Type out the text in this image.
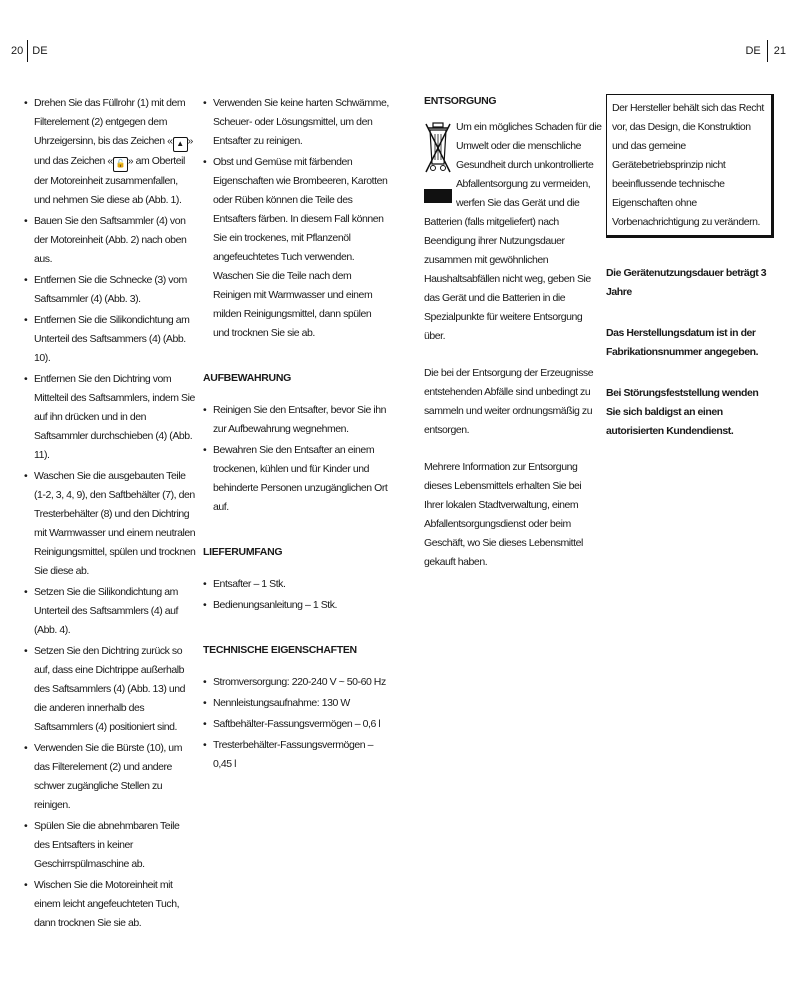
20 DE	DE 21
• Drehen Sie das Füllrohr (1) mit dem Filterelement (2) entgegen dem Uhrzeigersinn, bis das Zeichen « ▲ » und das Zeichen « 🔓 » am Oberteil der Motoreinheit zusammenfallen, und nehmen Sie diese ab (Abb. 1).
• Bauen Sie den Saftsammler (4) von der Motoreinheit (Abb. 2) nach oben aus.
• Entfernen Sie die Schnecke (3) vom Saftsammler (4) (Abb. 3).
• Entfernen Sie die Silikondichtung am Unterteil des Saftsammers (4) (Abb. 10).
• Entfernen Sie den Dichtring vom Mittelteil des Saftsammlers, indem Sie auf ihn drücken und in den Saftsammler durchschieben (4) (Abb. 11).
• Waschen Sie die ausgebauten Teile (1-2, 3, 4, 9), den Saftbehälter (7), den Tresterbehälter (8) und den Dichtring mit Warmwasser und einem neutralen Reinigungsmittel, spülen und trocknen Sie diese ab.
• Setzen Sie die Silikondichtung am Unterteil des Saftsammlers (4) auf (Abb. 4).
• Setzen Sie den Dichtring zurück so auf, dass eine Dichtrippe außerhalb des Saftsammlers (4) (Abb. 13) und die anderen innerhalb des Saftsammlers (4) positioniert sind.
• Verwenden Sie die Bürste (10), um das Filterelement (2) und andere schwer zugängliche Stellen zu reinigen.
• Spülen Sie die abnehmbaren Teile des Entsafters in keiner Geschirrspülmaschine ab.
• Wischen Sie die Motoreinheit mit einem leicht angefeuchteten Tuch, dann trocknen Sie sie ab.
• Verwenden Sie keine harten Schwämme, Scheuer- oder Lösungsmittel, um den Entsafter zu reinigen.
• Obst und Gemüse mit färbenden Eigenschaften wie Brombeeren, Karotten oder Rüben können die Teile des Entsafters färben. In diesem Fall können Sie ein trockenes, mit Pflanzenöl angefeuchtetes Tuch verwenden. Waschen Sie die Teile nach dem Reinigen mit Warmwasser und einem milden Reinigungsmittel, dann spülen und trocknen Sie sie ab.
AUFBEWAHRUNG
• Reinigen Sie den Entsafter, bevor Sie ihn zur Aufbewahrung wegnehmen.
• Bewahren Sie den Entsafter an einem trockenen, kühlen und für Kinder und behinderte Personen unzugänglichen Ort auf.
LIEFERUMFANG
• Entsafter – 1 Stk.
• Bedienungsanleitung – 1 Stk.
TECHNISCHE EIGENSCHAFTEN
• Stromversorgung: 220-240 V ~ 50-60 Hz
• Nennleistungsaufnahme: 130 W
• Saftbehälter-Fassungsvermögen – 0,6 l
• Tresterbehälter-Fassungsvermögen – 0,45 l
ENTSORGUNG

Um ein mögliches Schaden für die Umwelt oder die menschliche Gesundheit durch unkontrollierte Abfallentsorgung zu vermeiden, werfen Sie das Gerät und die Batterien (falls mitgeliefert) nach Beendigung ihrer Nutzungsdauer zusammen mit gewöhnlichen Haushaltsabfällen nicht weg, geben Sie das Gerät und die Batterien in die Spezialpunkte für weitere Entsorgung über.

Die bei der Entsorgung der Erzeugnisse entstehenden Abfälle sind unbedingt zu sammeln und weiter ordnungsmäßig zu entsorgen.

Mehrere Information zur Entsorgung dieses Lebensmittels erhalten Sie bei Ihrer lokalen Stadtverwaltung, einem Abfallentsorgungsdienst oder beim Geschäft, wo Sie dieses Lebensmittel gekauft haben.

Der Hersteller behält sich das Recht vor, das Design, die Konstruktion und das gemeine Gerätebetriebsprinzip nicht beeinflussende technische Eigenschaften ohne Vorbenachrichtigung zu verändern.

Die Gerätenutzungsdauer beträgt 3 Jahre

Das Herstellungsdatum ist in der Fabrikationsnummer angegeben.

Bei Störungsfeststellung wenden Sie sich baldigst an einen autorisierten Kundendienst.
